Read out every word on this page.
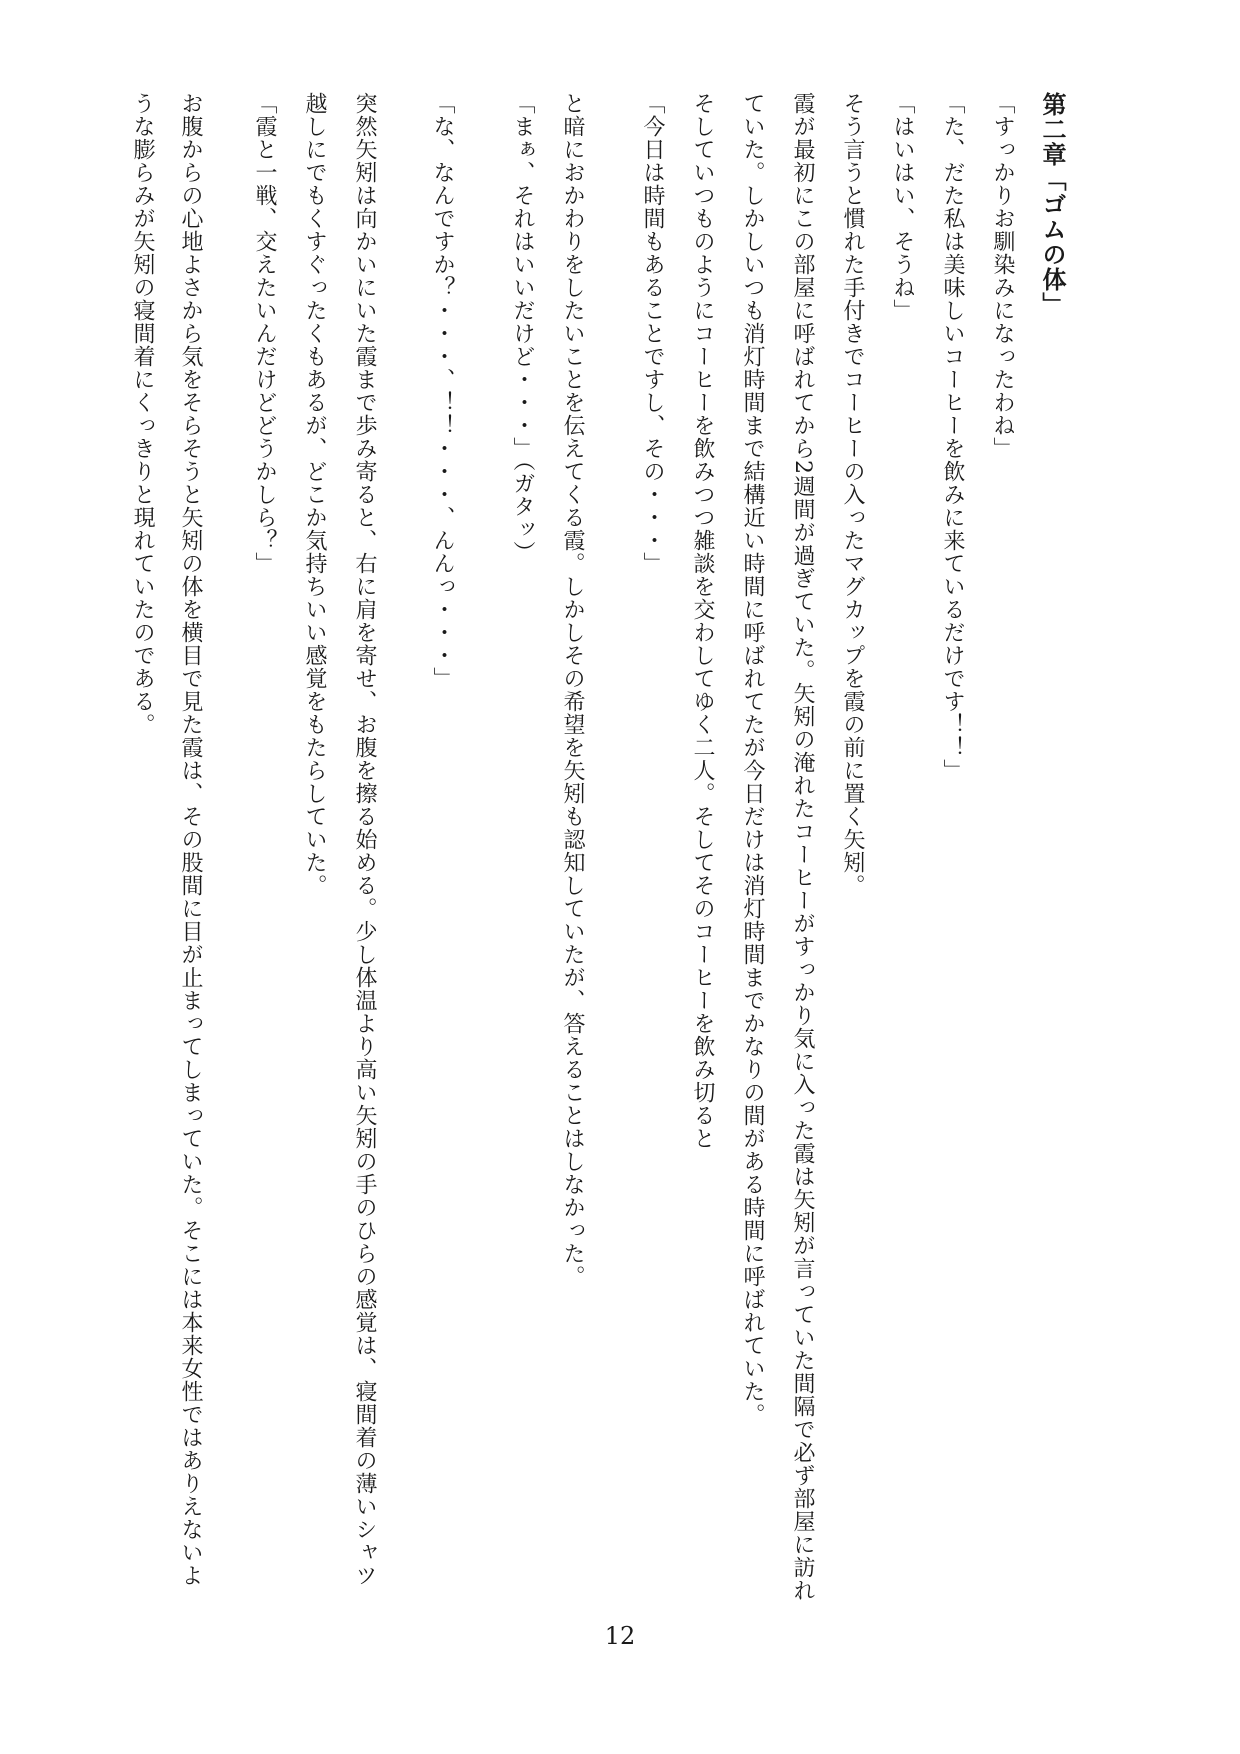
第二章「ゴムの体」
「すっかりお馴染みになったわね」
「た、だた私は美味しいコーヒーを飲みに来ているだけです！！」
「はいはい、そうね」
そう言うと慣れた手付きでコーヒーの入ったマグカップを霞の前に置く矢矧。
霞が最初にこの部屋に呼ばれてから2週間が過ぎていた。矢矧の淹れたコーヒーがすっかり気に入った霞は矢矧が言っていた間隔で必ず部屋に訪れ
ていた。しかしいつも消灯時間まで結構近い時間に呼ばれてたが今日だけは消灯時間までかなりの間がある時間に呼ばれていた。
そしていつものようにコーヒーを飲みつつ雑談を交わしてゆく二人。そしてそのコーヒーを飲み切ると
「今日は時間もあることですし、その・・・」
と暗におかわりをしたいことを伝えてくる霞。しかしその希望を矢矧も認知していたが、答えることはしなかった。
「まぁ、それはいいだけど・・・」（ガタッ）
「な、なんですか？・・・、！！・・・、んんっ・・・」
突然矢矧は向かいにいた霞まで歩み寄ると、右に肩を寄せ、お腹を擦る始める。少し体温より高い矢矧の手のひらの感覚は、寝間着の薄いシャツ
越しにでもくすぐったくもあるが、どこか気持ちいい感覚をもたらしていた。
「霞と一戦、交えたいんだけどどうかしら？」
お腹からの心地よさから気をそらそうと矢矧の体を横目で見た霞は、その股間に目が止まってしまっていた。そこには本来女性ではありえないよ
うな膨らみが矢矧の寝間着にくっきりと現れていたのである。
12
